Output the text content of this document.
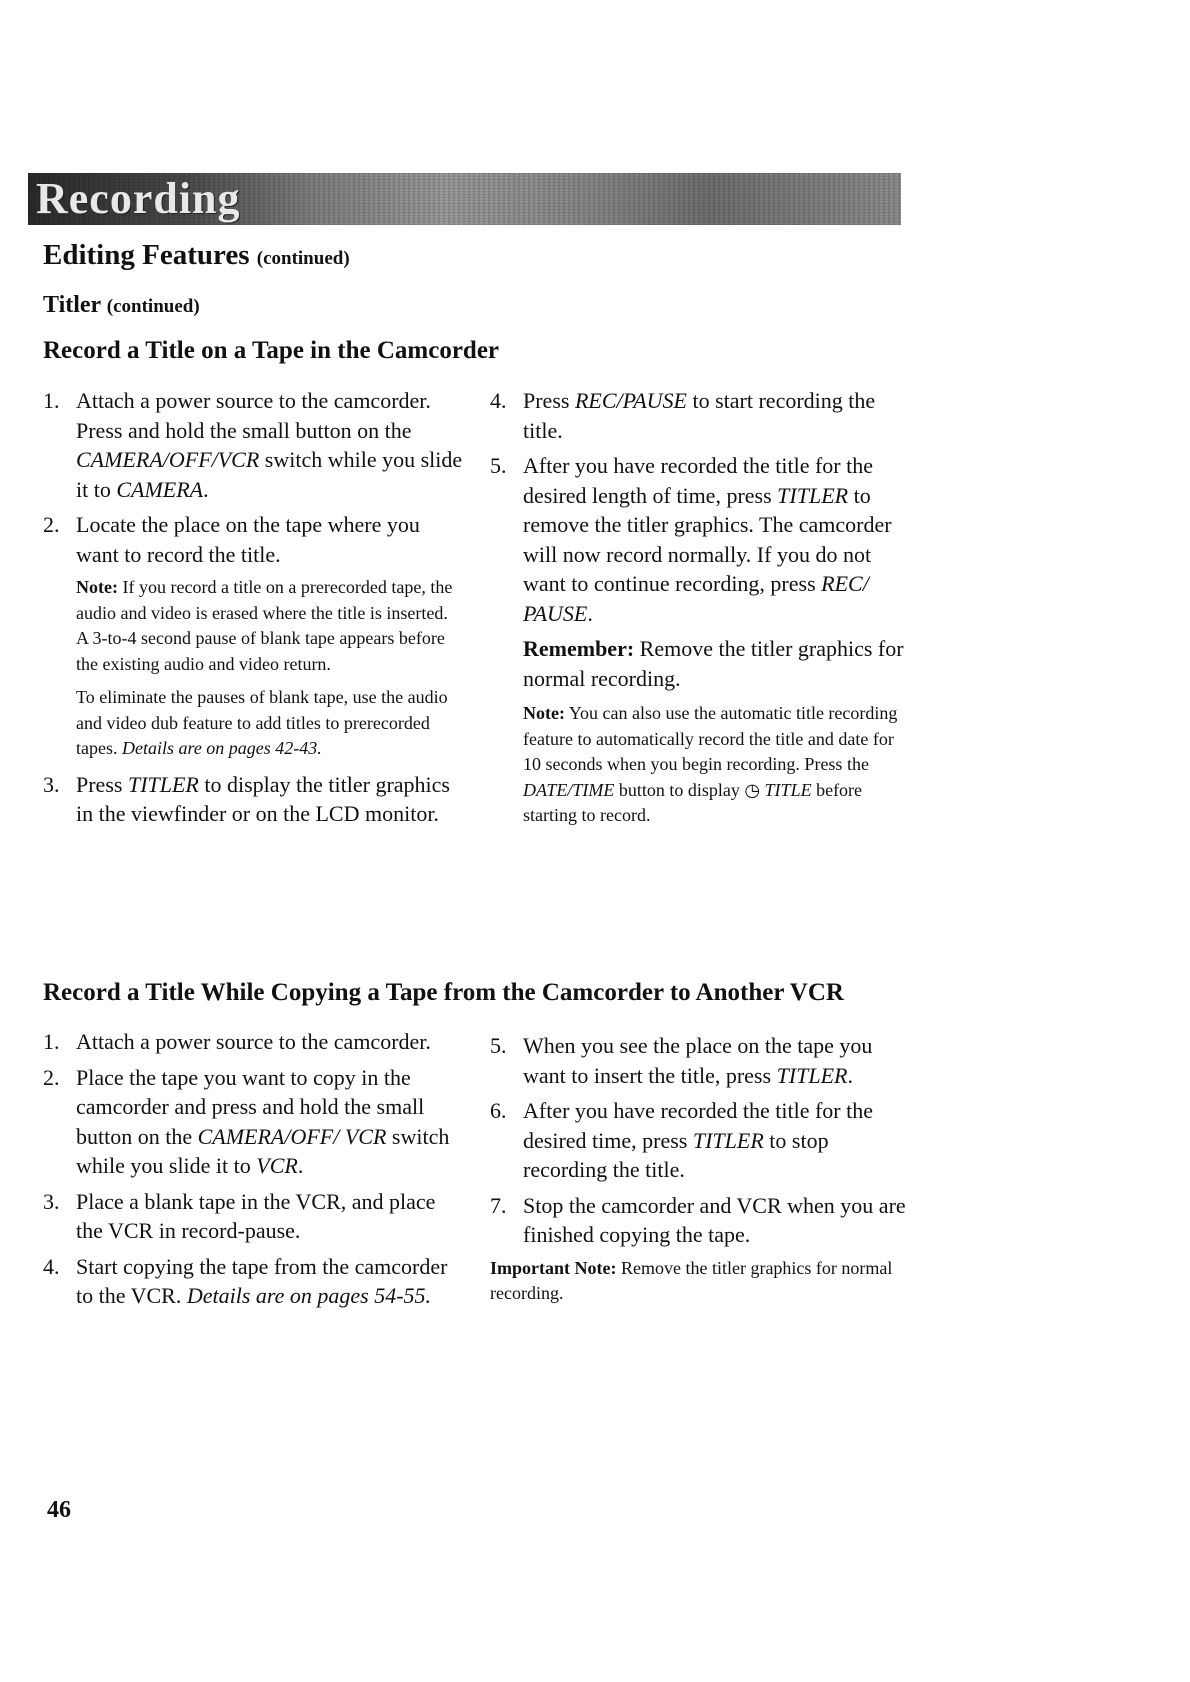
Recording
Editing Features (continued)
Titler (continued)
Record a Title on a Tape in the Camcorder
1. Attach a power source to the camcorder. Press and hold the small button on the CAMERA/OFF/VCR switch while you slide it to CAMERA.
2. Locate the place on the tape where you want to record the title.
Note: If you record a title on a prerecorded tape, the audio and video is erased where the title is inserted. A 3-to-4 second pause of blank tape appears before the existing audio and video return.
To eliminate the pauses of blank tape, use the audio and video dub feature to add titles to prerecorded tapes. Details are on pages 42-43.
3. Press TITLER to display the titler graphics in the viewfinder or on the LCD monitor.
4. Press REC/PAUSE to start recording the title.
5. After you have recorded the title for the desired length of time, press TITLER to remove the titler graphics. The camcorder will now record normally. If you do not want to continue recording, press REC/ PAUSE.
Remember: Remove the titler graphics for normal recording.
Note: You can also use the automatic title recording feature to automatically record the title and date for 10 seconds when you begin recording. Press the DATE/TIME button to display ◷ TITLE before starting to record.
Record a Title While Copying a Tape from the Camcorder to Another VCR
1. Attach a power source to the camcorder.
2. Place the tape you want to copy in the camcorder and press and hold the small button on the CAMERA/OFF/ VCR switch while you slide it to VCR.
3. Place a blank tape in the VCR, and place the VCR in record-pause.
4. Start copying the tape from the camcorder to the VCR. Details are on pages 54-55.
5. When you see the place on the tape you want to insert the title, press TITLER.
6. After you have recorded the title for the desired time, press TITLER to stop recording the title.
7. Stop the camcorder and VCR when you are finished copying the tape.
Important Note: Remove the titler graphics for normal recording.
46
